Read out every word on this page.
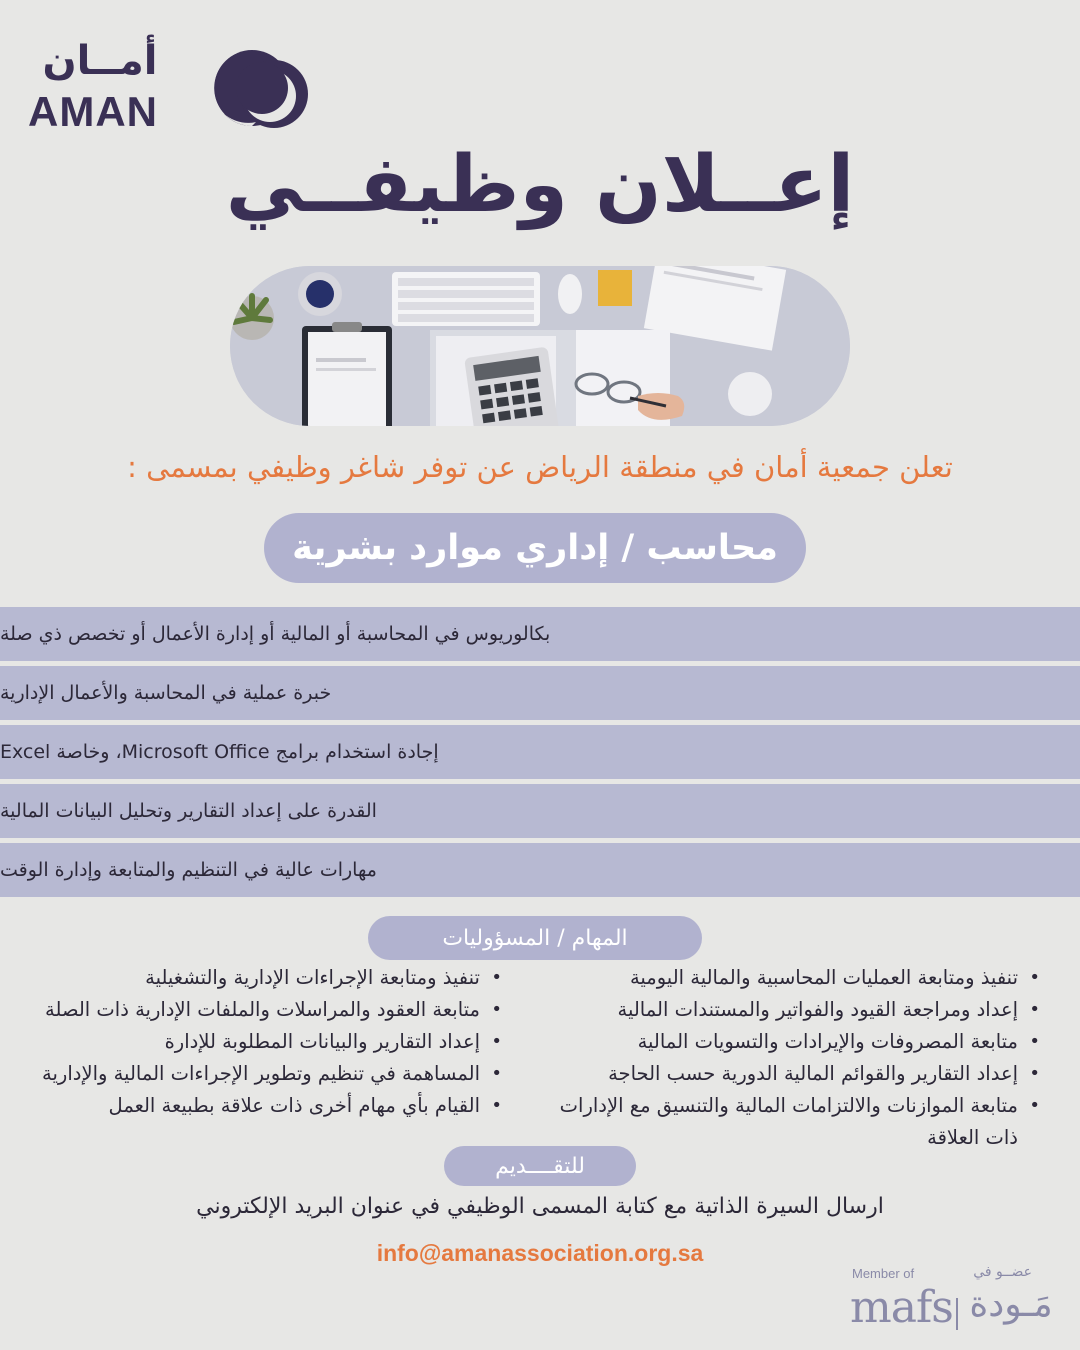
أمــان
AMAN
إعــلان وظيفــي
تعلن جمعية أمان في منطقة الرياض عن توفر شاغر وظيفي بمسمى :
محاسب / إداري موارد بشرية
بكالوريوس في المحاسبة أو المالية أو إدارة الأعمال أو تخصص ذي صلة
خبرة عملية في المحاسبة والأعمال الإدارية
إجادة استخدام برامج Microsoft Office، وخاصة Excel
القدرة على إعداد التقارير وتحليل البيانات المالية
مهارات عالية في التنظيم والمتابعة وإدارة الوقت
المهام / المسؤوليات
• تنفيذ ومتابعة العمليات المحاسبية والمالية اليومية
• إعداد ومراجعة القيود والفواتير والمستندات المالية
• متابعة المصروفات والإيرادات والتسويات المالية
• إعداد التقارير والقوائم المالية الدورية حسب الحاجة
• متابعة الموازنات والالتزامات المالية والتنسيق مع الإدارات ذات العلاقة
• تنفيذ ومتابعة الإجراءات الإدارية والتشغيلية
• متابعة العقود والمراسلات والملفات الإدارية ذات الصلة
• إعداد التقارير والبيانات المطلوبة للإدارة
• المساهمة في تنظيم وتطوير الإجراءات المالية والإدارية
• القيام بأي مهام أخرى ذات علاقة بطبيعة العمل
للتقــــديم
ارسال السيرة الذاتية مع كتابة المسمى الوظيفي في عنوان البريد الإلكتروني
info@amanassociation.org.sa
Member of	عضــو في
mafs مَـودة
